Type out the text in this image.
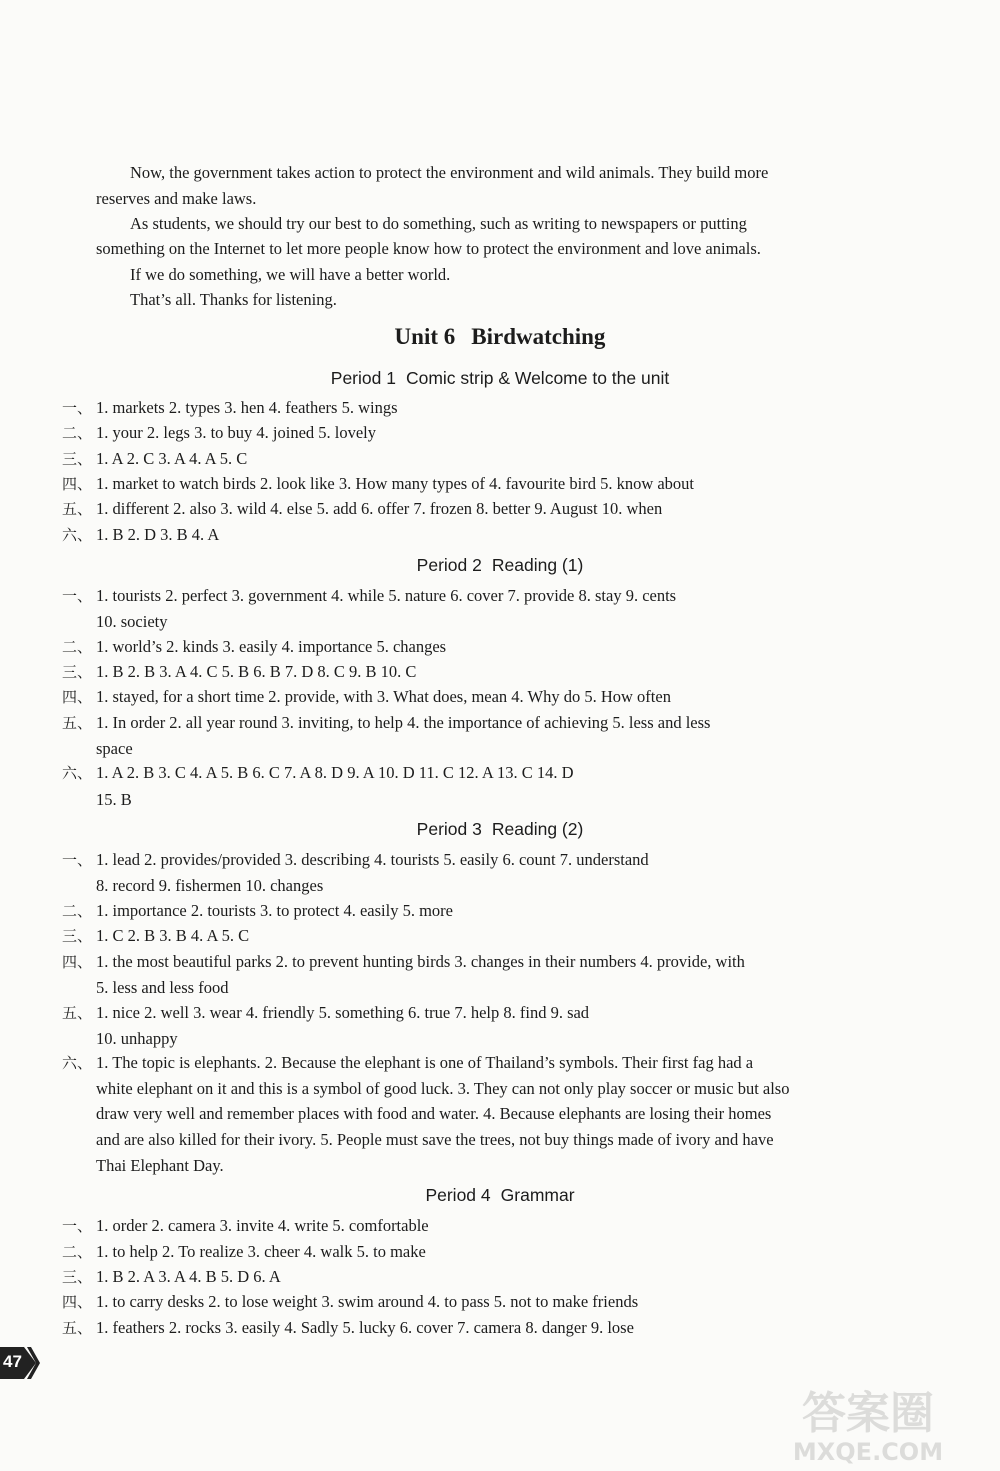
Now, the government takes action to protect the environment and wild animals. They build more
reserves and make laws.
As students, we should try our best to do something, such as writing to newspapers or putting
something on the Internet to let more people know how to protect the environment and love animals.
If we do something, we will have a better world.
That’s all. Thanks for listening.
Unit 6 Birdwatching
Period 1 Comic strip & Welcome to the unit
一、 1. markets 2. types 3. hen 4. feathers 5. wings
二、 1. your 2. legs 3. to buy 4. joined 5. lovely
三、 1. A 2. C 3. A 4. A 5. C
四、 1. market to watch birds 2. look like 3. How many types of 4. favourite bird 5. know about
五、 1. different 2. also 3. wild 4. else 5. add 6. offer 7. frozen 8. better 9. August 10. when
六、 1. B 2. D 3. B 4. A
Period 2 Reading (1)
一、 1. tourists 2. perfect 3. government 4. while 5. nature 6. cover 7. provide 8. stay 9. cents
10. society
二、 1. world’s 2. kinds 3. easily 4. importance 5. changes
三、 1. B 2. B 3. A 4. C 5. B 6. B 7. D 8. C 9. B 10. C
四、 1. stayed, for a short time 2. provide, with 3. What does, mean 4. Why do 5. How often
五、 1. In order 2. all year round 3. inviting, to help 4. the importance of achieving 5. less and less
space
六、 1. A 2. B 3. C 4. A 5. B 6. C 7. A 8. D 9. A 10. D 11. C 12. A 13. C 14. D
15. B
Period 3 Reading (2)
一、 1. lead 2. provides/provided 3. describing 4. tourists 5. easily 6. count 7. understand
8. record 9. fishermen 10. changes
二、 1. importance 2. tourists 3. to protect 4. easily 5. more
三、 1. C 2. B 3. B 4. A 5. C
四、 1. the most beautiful parks 2. to prevent hunting birds 3. changes in their numbers 4. provide, with
5. less and less food
五、 1. nice 2. well 3. wear 4. friendly 5. something 6. true 7. help 8. find 9. sad
10. unhappy
六、 1. The topic is elephants. 2. Because the elephant is one of Thailand’s symbols. Their first fag had a
white elephant on it and this is a symbol of good luck. 3. They can not only play soccer or music but also
draw very well and remember places with food and water. 4. Because elephants are losing their homes
and are also killed for their ivory. 5. People must save the trees, not buy things made of ivory and have
Thai Elephant Day.
Period 4 Grammar
一、 1. order 2. camera 3. invite 4. write 5. comfortable
二、 1. to help 2. To realize 3. cheer 4. walk 5. to make
三、 1. B 2. A 3. A 4. B 5. D 6. A
四、 1. to carry desks 2. to lose weight 3. swim around 4. to pass 5. not to make friends
五、 1. feathers 2. rocks 3. easily 4. Sadly 5. lucky 6. cover 7. camera 8. danger 9. lose
47
答案圈
MXQE.COM
